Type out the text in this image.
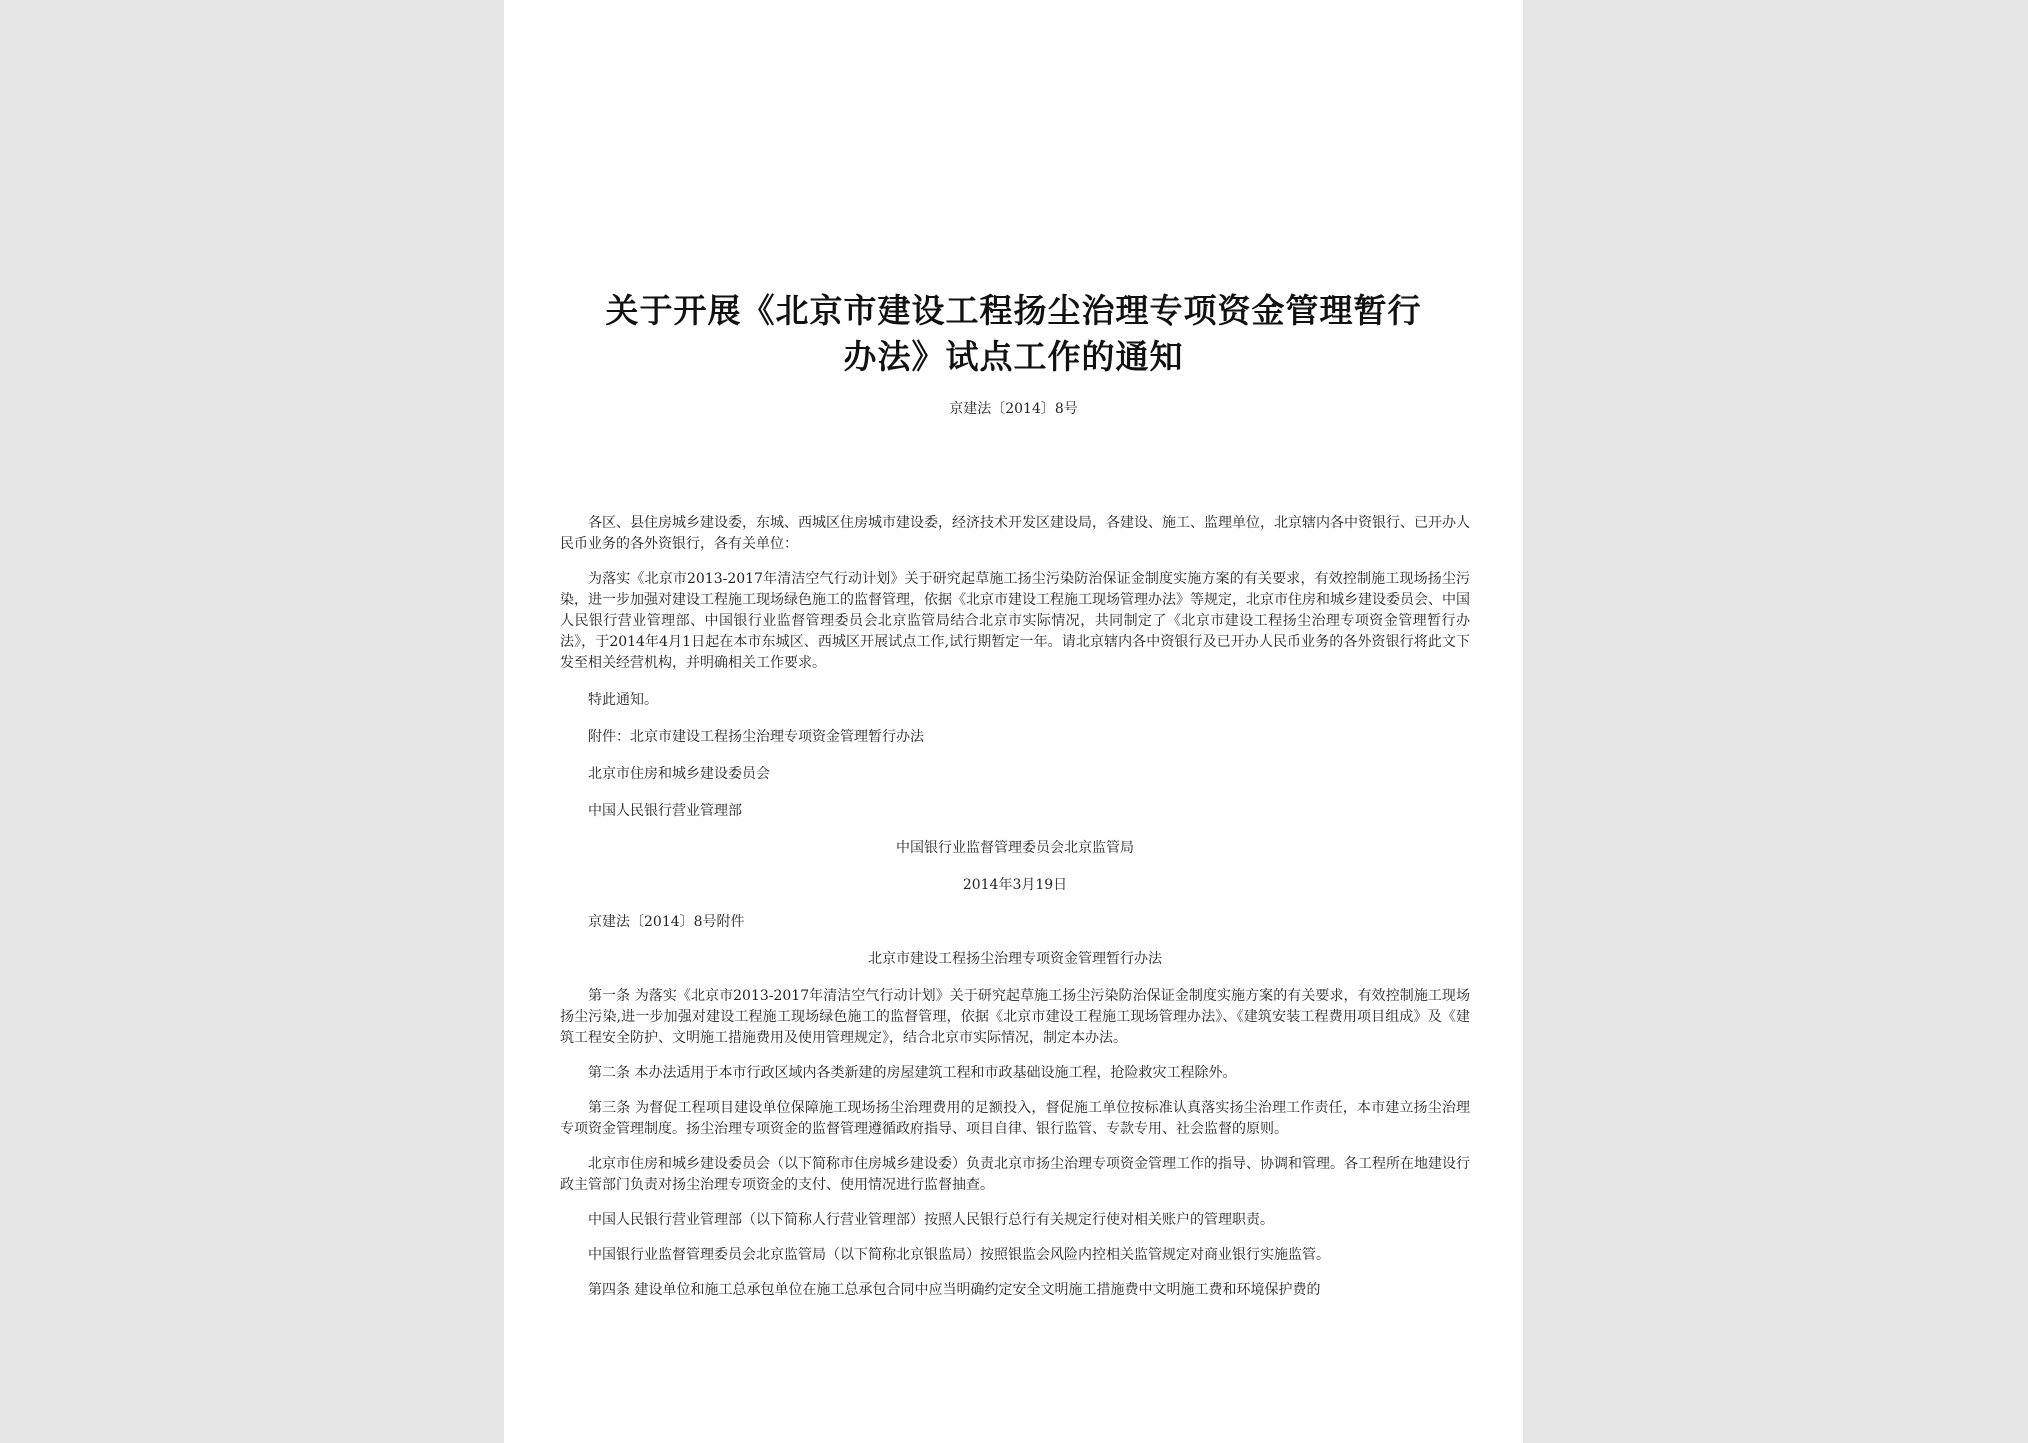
关于开展《北京市建设工程扬尘治理专项资金管理暂行
办法》试点工作的通知
京建法〔2014〕8号

各区、县住房城乡建设委，东城、西城区住房城市建设委，经济技术开发区建设局，各建设、施工、监理单位，北京辖内各中资银行、已开办人民币业务的各外资银行，各有关单位：

为落实《北京市2013-2017年清洁空气行动计划》关于研究起草施工扬尘污染防治保证金制度实施方案的有关要求，有效控制施工现场扬尘污染，进一步加强对建设工程施工现场绿色施工的监督管理，依据《北京市建设工程施工现场管理办法》等规定，北京市住房和城乡建设委员会、中国人民银行营业管理部、中国银行业监督管理委员会北京监管局结合北京市实际情况，共同制定了《北京市建设工程扬尘治理专项资金管理暂行办法》，于2014年4月1日起在本市东城区、西城区开展试点工作,试行期暂定一年。请北京辖内各中资银行及已开办人民币业务的各外资银行将此文下发至相关经营机构，并明确相关工作要求。

特此通知。

附件：北京市建设工程扬尘治理专项资金管理暂行办法

北京市住房和城乡建设委员会

中国人民银行营业管理部

中国银行业监督管理委员会北京监管局

2014年3月19日

京建法〔2014〕8号附件

北京市建设工程扬尘治理专项资金管理暂行办法

第一条 为落实《北京市2013-2017年清洁空气行动计划》关于研究起草施工扬尘污染防治保证金制度实施方案的有关要求，有效控制施工现场扬尘污染,进一步加强对建设工程施工现场绿色施工的监督管理，依据《北京市建设工程施工现场管理办法》、《建筑安装工程费用项目组成》及《建筑工程安全防护、文明施工措施费用及使用管理规定》，结合北京市实际情况，制定本办法。

第二条 本办法适用于本市行政区域内各类新建的房屋建筑工程和市政基础设施工程，抢险救灾工程除外。

第三条 为督促工程项目建设单位保障施工现场扬尘治理费用的足额投入，督促施工单位按标准认真落实扬尘治理工作责任，本市建立扬尘治理专项资金管理制度。扬尘治理专项资金的监督管理遵循政府指导、项目自律、银行监管、专款专用、社会监督的原则。

北京市住房和城乡建设委员会（以下简称市住房城乡建设委）负责北京市扬尘治理专项资金管理工作的指导、协调和管理。各工程所在地建设行政主管部门负责对扬尘治理专项资金的支付、使用情况进行监督抽查。

中国人民银行营业管理部（以下简称人行营业管理部）按照人民银行总行有关规定行使对相关账户的管理职责。

中国银行业监督管理委员会北京监管局（以下简称北京银监局）按照银监会风险内控相关监管规定对商业银行实施监管。

第四条 建设单位和施工总承包单位在施工总承包合同中应当明确约定安全文明施工措施费中文明施工费和环境保护费的
